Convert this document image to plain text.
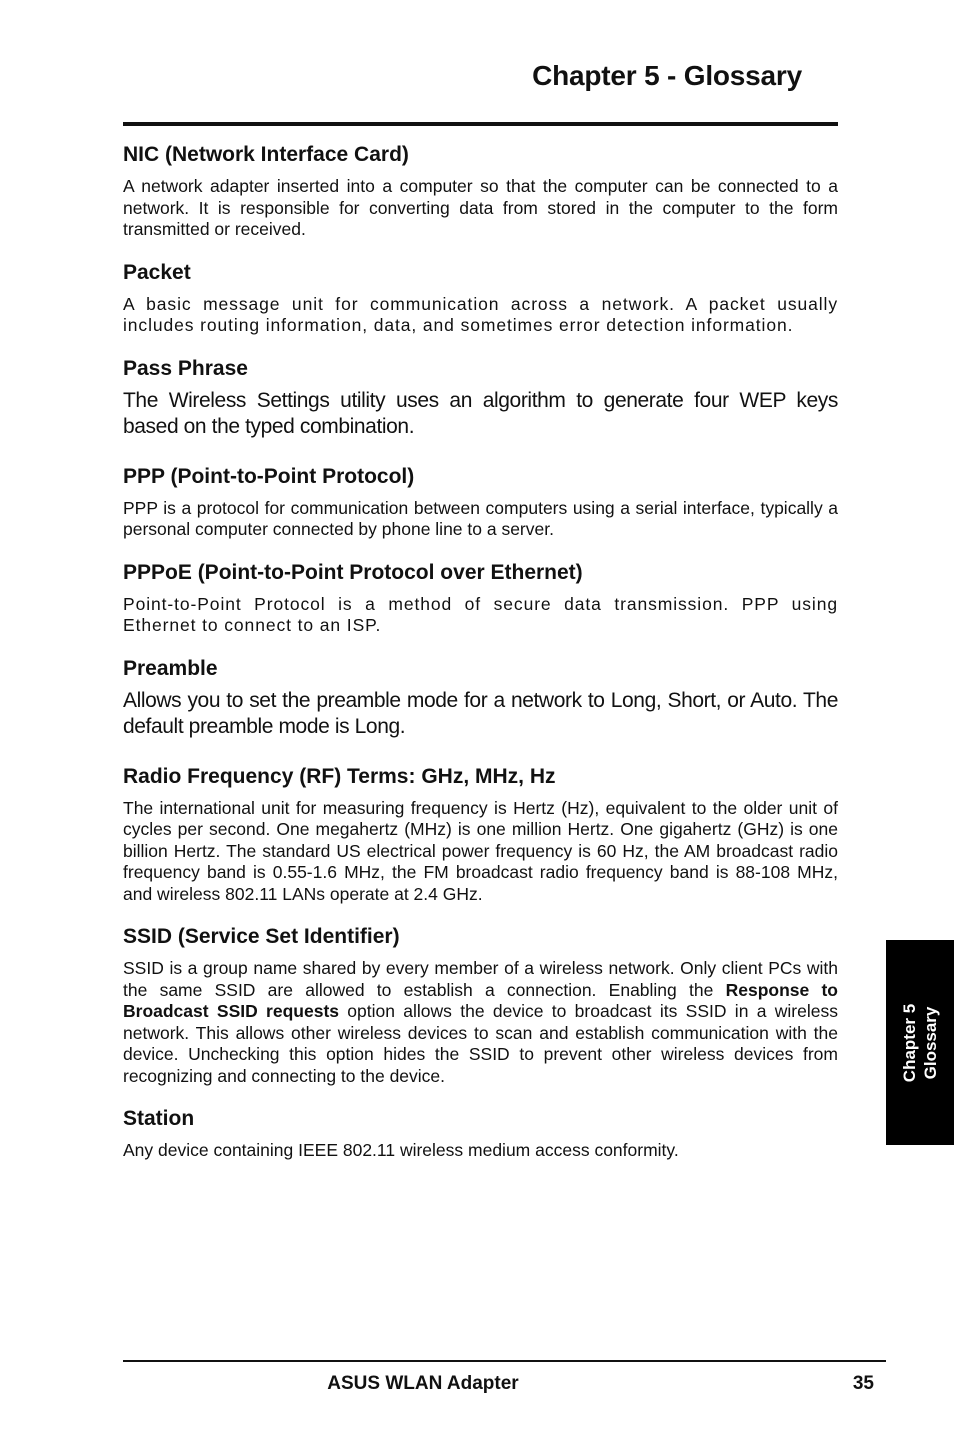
Chapter 5 - Glossary
NIC (Network Interface Card)

A network adapter inserted into a computer so that the computer can be connected to a network. It is responsible for converting data from stored in the computer to the form transmitted or received.

Packet

A basic message unit for communication across a network. A packet usually includes routing information, data, and sometimes error detection information.

Pass Phrase

The Wireless Settings utility uses an algorithm to generate four WEP keys based on the typed combination.

PPP (Point-to-Point Protocol)

PPP is a protocol for communication between computers using a serial interface, typically a personal computer connected by phone line to a server.

PPPoE (Point-to-Point Protocol over Ethernet)

Point-to-Point Protocol is a method of secure data transmission. PPP using Ethernet to connect to an ISP.

Preamble

Allows you to set the preamble mode for a network to Long, Short, or Auto. The default preamble mode is Long.

Radio Frequency (RF) Terms: GHz, MHz, Hz

The international unit for measuring frequency is Hertz (Hz), equivalent to the older unit of cycles per second. One megahertz (MHz) is one million Hertz. One gigahertz (GHz) is one billion Hertz. The standard US electrical power frequency is 60 Hz, the AM broadcast radio frequency band is 0.55-1.6 MHz, the FM broadcast radio frequency band is 88-108 MHz, and wireless 802.11 LANs operate at 2.4 GHz.

SSID (Service Set Identifier)

SSID is a group name shared by every member of a wireless network. Only client PCs with the same SSID are allowed to establish a connection. Enabling the Response to Broadcast SSID requests option allows the device to broadcast its SSID in a wireless network. This allows other wireless devices to scan and establish communication with the device. Unchecking this option hides the SSID to prevent other wireless devices from recognizing and connecting to the device.

Station

Any device containing IEEE 802.11 wireless medium access conformity.

Chapter 5 Glossary
ASUS WLAN Adapter	35
